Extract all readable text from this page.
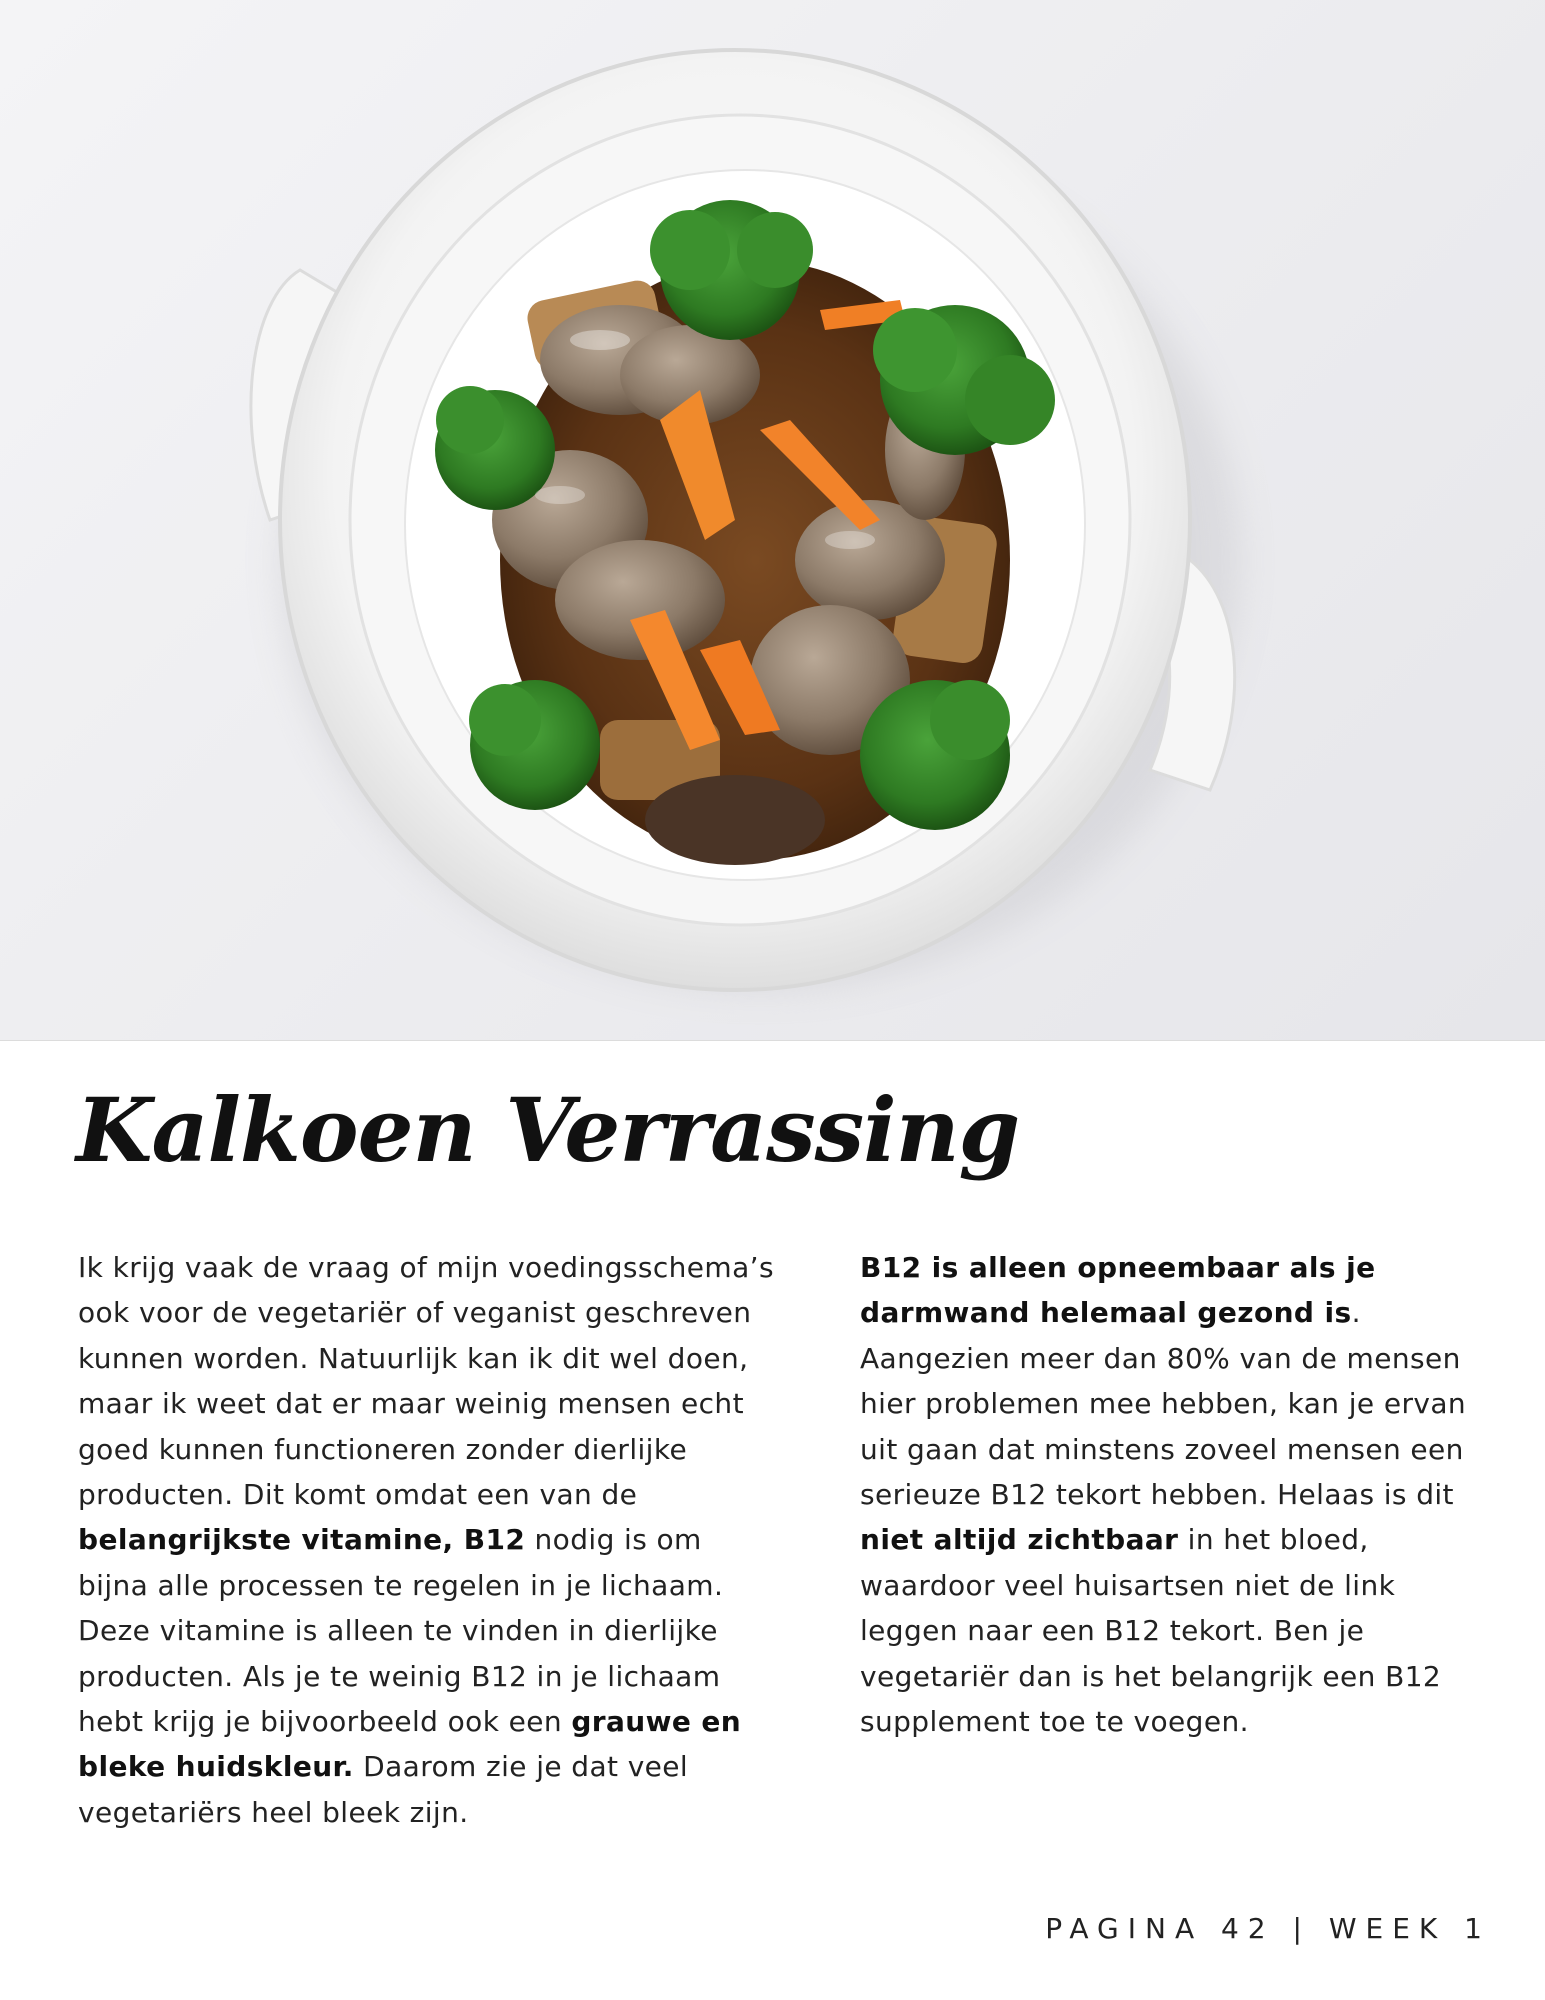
Kalkoen Verrassing

Ik krijg vaak de vraag of mijn voedingsschema’s ook voor de vegetariër of veganist geschreven kunnen worden. Natuurlijk kan ik dit wel doen, maar ik weet dat er maar weinig mensen echt goed kunnen functioneren zonder dierlijke producten. Dit komt omdat een van de belangrijkste vitamine, B12 nodig is om bijna alle processen te regelen in je lichaam. Deze vitamine is alleen te vinden in dierlijke producten. Als je te weinig B12 in je lichaam hebt krijg je bijvoorbeeld ook een grauwe en bleke huidskleur. Daarom zie je dat veel vegetariërs heel bleek zijn.

B12 is alleen opneembaar als je darmwand helemaal gezond is. Aangezien meer dan 80% van de mensen hier problemen mee hebben, kan je ervan uit gaan dat minstens zoveel mensen een serieuze B12 tekort hebben. Helaas is dit niet altijd zichtbaar in het bloed, waardoor veel huisartsen niet de link leggen naar een B12 tekort. Ben je vegetariër dan is het belangrijk een B12 supplement toe te voegen.

PAGINA 42 | WEEK 1
